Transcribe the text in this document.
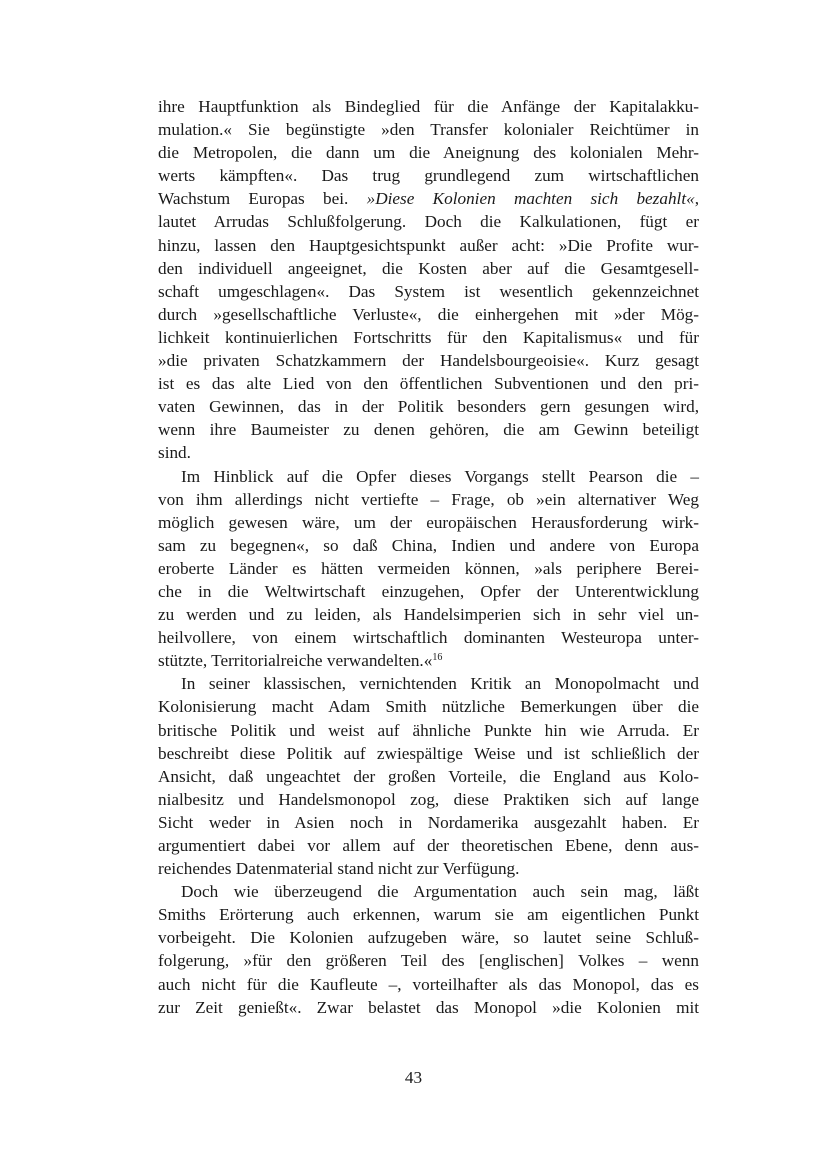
ihre Hauptfunktion als Bindeglied für die Anfänge der Kapitalakku-
mulation.« Sie begünstigte »den Transfer kolonialer Reichtümer in
die Metropolen, die dann um die Aneignung des kolonialen Mehr-
werts kämpften«. Das trug grundlegend zum wirtschaftlichen
Wachstum Europas bei. »Diese Kolonien machten sich bezahlt«,
lautet Arrudas Schlußfolgerung. Doch die Kalkulationen, fügt er
hinzu, lassen den Hauptgesichtspunkt außer acht: »Die Profite wur-
den individuell angeeignet, die Kosten aber auf die Gesamtgesell-
schaft umgeschlagen«. Das System ist wesentlich gekennzeichnet
durch »gesellschaftliche Verluste«, die einhergehen mit »der Mög-
lichkeit kontinuierlichen Fortschritts für den Kapitalismus« und für
»die privaten Schatzkammern der Handelsbourgeoisie«. Kurz gesagt
ist es das alte Lied von den öffentlichen Subventionen und den pri-
vaten Gewinnen, das in der Politik besonders gern gesungen wird,
wenn ihre Baumeister zu denen gehören, die am Gewinn beteiligt
sind.
Im Hinblick auf die Opfer dieses Vorgangs stellt Pearson die –
von ihm allerdings nicht vertiefte – Frage, ob »ein alternativer Weg
möglich gewesen wäre, um der europäischen Herausforderung wirk-
sam zu begegnen«, so daß China, Indien und andere von Europa
eroberte Länder es hätten vermeiden können, »als periphere Berei-
che in die Weltwirtschaft einzugehen, Opfer der Unterentwicklung
zu werden und zu leiden, als Handelsimperien sich in sehr viel un-
heilvollere, von einem wirtschaftlich dominanten Westeuropa unter-
stützte, Territorialreiche verwandelten.«$^{16}$
In seiner klassischen, vernichtenden Kritik an Monopolmacht und
Kolonisierung macht Adam Smith nützliche Bemerkungen über die
britische Politik und weist auf ähnliche Punkte hin wie Arruda. Er
beschreibt diese Politik auf zwiespältige Weise und ist schließlich der
Ansicht, daß ungeachtet der großen Vorteile, die England aus Kolo-
nialbesitz und Handelsmonopol zog, diese Praktiken sich auf lange
Sicht weder in Asien noch in Nordamerika ausgezahlt haben. Er
argumentiert dabei vor allem auf der theoretischen Ebene, denn aus-
reichendes Datenmaterial stand nicht zur Verfügung.
Doch wie überzeugend die Argumentation auch sein mag, läßt
Smiths Erörterung auch erkennen, warum sie am eigentlichen Punkt
vorbeigeht. Die Kolonien aufzugeben wäre, so lautet seine Schluß-
folgerung, »für den größeren Teil des [englischen] Volkes – wenn
auch nicht für die Kaufleute –, vorteilhafter als das Monopol, das es
zur Zeit genießt«. Zwar belastet das Monopol »die Kolonien mit
43
